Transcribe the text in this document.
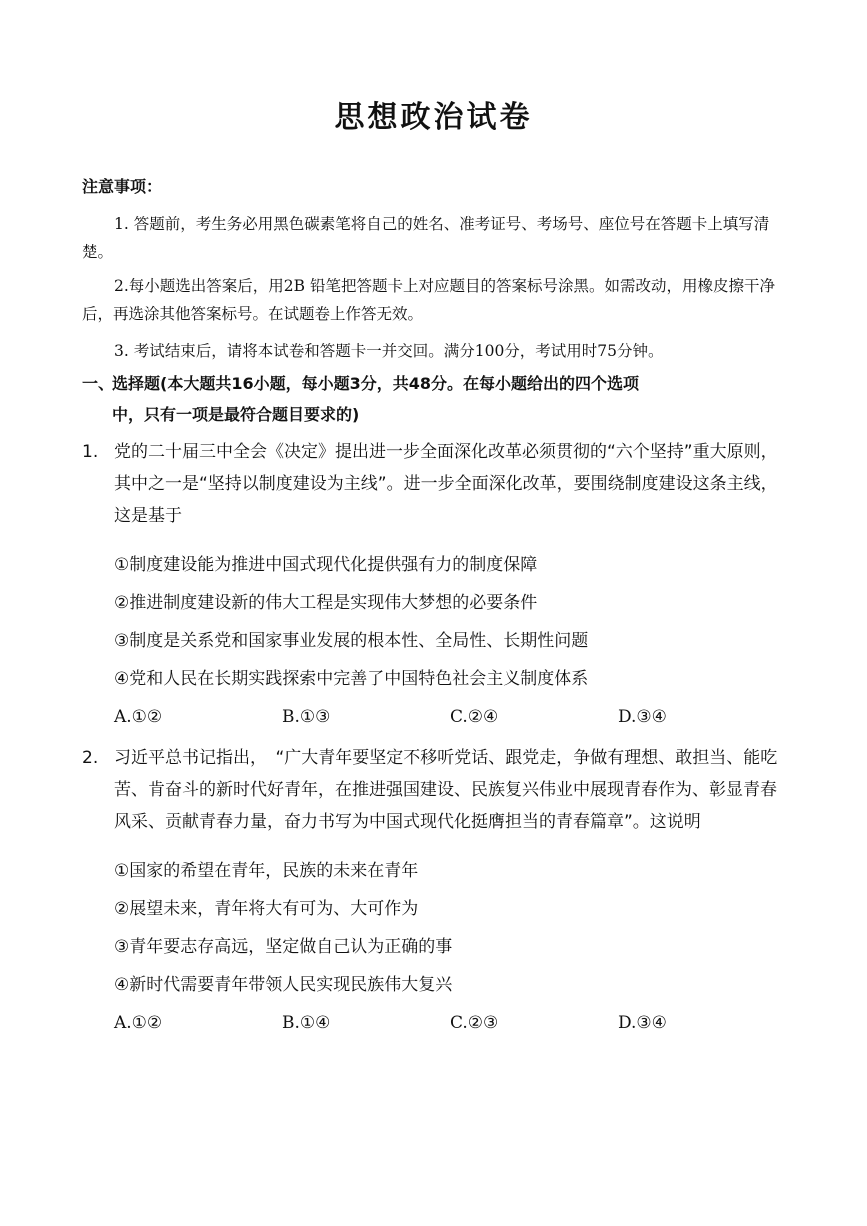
思想政治试卷
注意事项：

1. 答题前，考生务必用黑色碳素笔将自己的姓名、准考证号、考场号、座位号在答题卡上填写清楚。

2.每小题选出答案后，用2B 铅笔把答题卡上对应题目的答案标号涂黑。如需改动，用橡皮擦干净后，再选涂其他答案标号。在试题卷上作答无效。

3. 考试结束后，请将本试卷和答题卡一并交回。满分100分，考试用时75分钟。

一、选择题(本大题共16小题，每小题3分，共48分。在每小题给出的四个选项
中，只有一项是最符合题目要求的)

1. 党的二十届三中全会《决定》提出进一步全面深化改革必须贯彻的“六个坚持”重大原则，其中之一是“坚持以制度建设为主线”。进一步全面深化改革，要围绕制度建设这条主线，这是基于

①制度建设能为推进中国式现代化提供强有力的制度保障
②推进制度建设新的伟大工程是实现伟大梦想的必要条件
③制度是关系党和国家事业发展的根本性、全局性、长期性问题
④党和人民在长期实践探索中完善了中国特色社会主义制度体系
A.①②	B.①③	C.②④	D.③④

2. 习近平总书记指出，　“广大青年要坚定不移听党话、跟党走，争做有理想、敢担当、能吃苦、肯奋斗的新时代好青年，在推进强国建设、民族复兴伟业中展现青春作为、彰显青春风采、贡献青春力量，奋力书写为中国式现代化挺膺担当的青春篇章”。这说明

①国家的希望在青年，民族的未来在青年
②展望未来，青年将大有可为、大可作为
③青年要志存高远，坚定做自己认为正确的事
④新时代需要青年带领人民实现民族伟大复兴
A.①②	B.①④	C.②③	D.③④
